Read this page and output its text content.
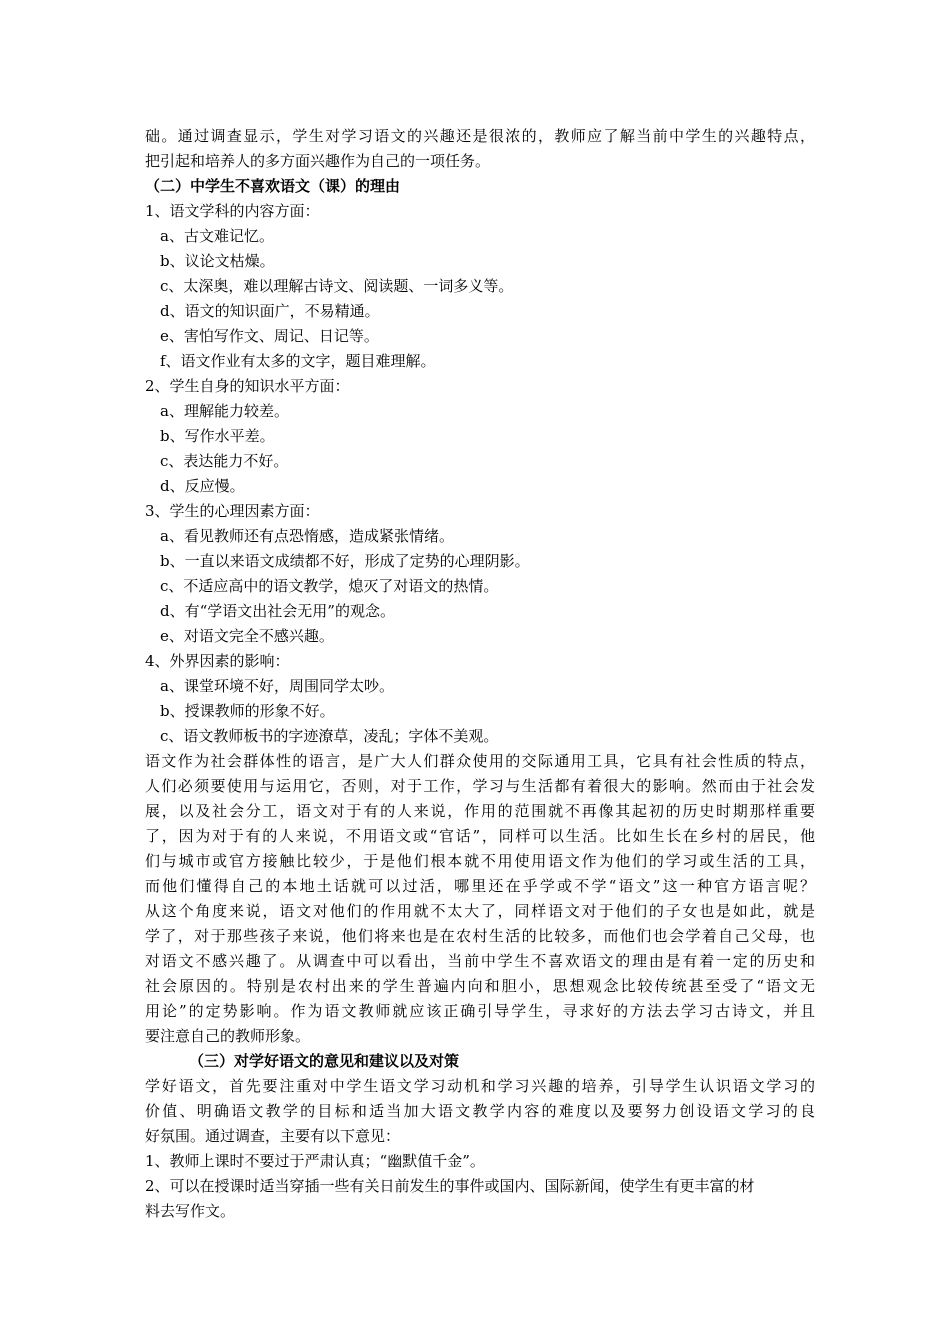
础。通过调查显示，学生对学习语文的兴趣还是很浓的，教师应了解当前中学生的兴趣特点，

把引起和培养人的多方面兴趣作为自己的一项任务。

（二）中学生不喜欢语文（课）的理由

1、语文学科的内容方面：

a、古文难记忆。

b、议论文枯燥。

c、太深奥，难以理解古诗文、阅读题、一词多义等。

d、语文的知识面广，不易精通。

e、害怕写作文、周记、日记等。

f、语文作业有太多的文字，题目难理解。

2、学生自身的知识水平方面：

a、理解能力较差。

b、写作水平差。

c、表达能力不好。

d、反应慢。

3、学生的心理因素方面：

a、看见教师还有点恐惰感，造成紧张情绪。

b、一直以来语文成绩都不好，形成了定势的心理阴影。

c、不适应高中的语文教学，熄灭了对语文的热情。

d、有“学语文出社会无用”的观念。

e、对语文完全不感兴趣。

4、外界因素的影响：

a、课堂环境不好，周围同学太吵。

b、授课教师的形象不好。

c、语文教师板书的字迹潦草，凌乱；字体不美观。

语文作为社会群体性的语言，是广大人们群众使用的交际通用工具，它具有社会性质的特点，

人们必须要使用与运用它，否则，对于工作，学习与生活都有着很大的影响。然而由于社会发

展，以及社会分工，语文对于有的人来说，作用的范围就不再像其起初的历史时期那样重要

了，因为对于有的人来说，不用语文或“官话”，同样可以生活。比如生长在乡村的居民，他

们与城市或官方接触比较少，于是他们根本就不用使用语文作为他们的学习或生活的工具，

而他们懂得自己的本地土话就可以过活，哪里还在乎学或不学“语文”这一种官方语言呢？

从这个角度来说，语文对他们的作用就不太大了，同样语文对于他们的子女也是如此，就是

学了，对于那些孩子来说，他们将来也是在农村生活的比较多，而他们也会学着自己父母，也

对语文不感兴趣了。从调查中可以看出，当前中学生不喜欢语文的理由是有着一定的历史和

社会原因的。特别是农村出来的学生普遍内向和胆小，思想观念比较传统甚至受了“语文无

用论”的定势影响。作为语文教师就应该正确引导学生，寻求好的方法去学习古诗文，并且

要注意自己的教师形象。

（三）对学好语文的意见和建议以及对策

学好语文，首先要注重对中学生语文学习动机和学习兴趣的培养，引导学生认识语文学习的

价值、明确语文教学的目标和适当加大语文教学内容的难度以及要努力创设语文学习的良

好氛围。通过调查，主要有以下意见：

1、教师上课时不要过于严肃认真；“幽默值千金”。

2、可以在授课时适当穿插一些有关日前发生的事件或国内、国际新闻，使学生有更丰富的材

料去写作文。
